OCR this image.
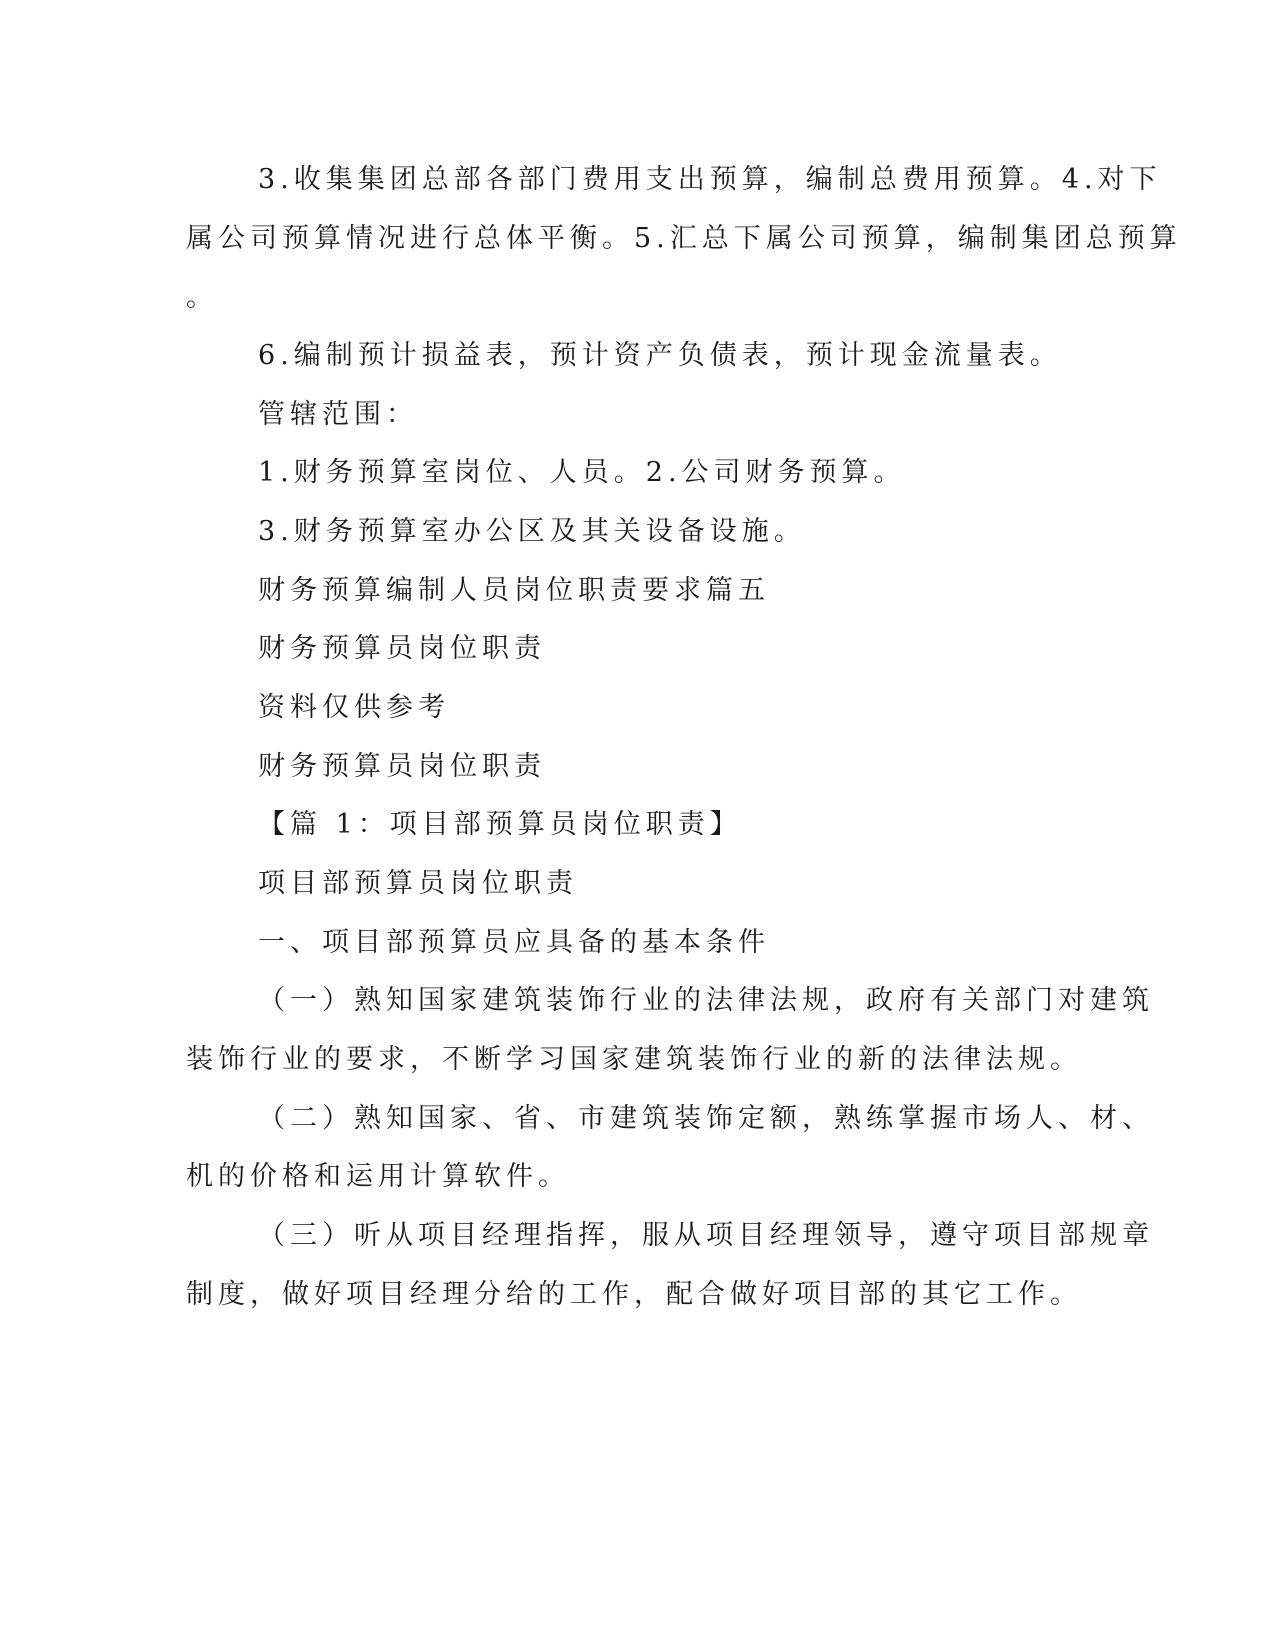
3.收集集团总部各部门费用支出预算，编制总费用预算。4.对下
属公司预算情况进行总体平衡。5.汇总下属公司预算，编制集团总预算
。
6.编制预计损益表，预计资产负债表，预计现金流量表。
管辖范围：
1.财务预算室岗位、人员。2.公司财务预算。
3.财务预算室办公区及其关设备设施。
财务预算编制人员岗位职责要求篇五
财务预算员岗位职责
资料仅供参考
财务预算员岗位职责
【篇 1：项目部预算员岗位职责】
项目部预算员岗位职责
一、项目部预算员应具备的基本条件
（一）熟知国家建筑装饰行业的法律法规，政府有关部门对建筑
装饰行业的要求，不断学习国家建筑装饰行业的新的法律法规。
（二）熟知国家、省、市建筑装饰定额，熟练掌握市场人、材、
机的价格和运用计算软件。
（三）听从项目经理指挥，服从项目经理领导，遵守项目部规章
制度，做好项目经理分给的工作，配合做好项目部的其它工作。
